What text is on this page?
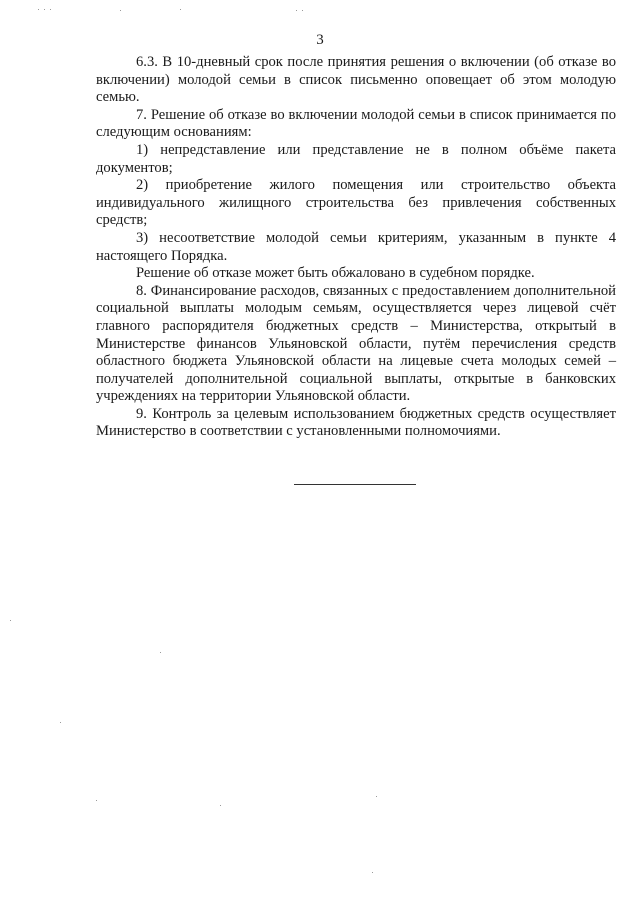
3

6.3. В 10-дневный срок после принятия решения о включении (об отказе во включении) молодой семьи в список письменно оповещает об этом молодую семью.

7. Решение об отказе во включении молодой семьи в список принимается по следующим основаниям:

1) непредставление или представление не в полном объёме пакета документов;

2) приобретение жилого помещения или строительство объекта индивидуального жилищного строительства без привлечения собственных средств;

3) несоответствие молодой семьи критериям, указанным в пункте 4 настоящего Порядка.

Решение об отказе может быть обжаловано в судебном порядке.

8. Финансирование расходов, связанных с предоставлением дополнительной социальной выплаты молодым семьям, осуществляется через лицевой счёт главного распорядителя бюджетных средств – Министерства, открытый в Министерстве финансов Ульяновской области, путём перечисления средств областного бюджета Ульяновской области на лицевые счета молодых семей – получателей дополнительной социальной выплаты, открытые в банковских учреждениях на территории Ульяновской области.

9. Контроль за целевым использованием бюджетных средств осуществляет Министерство в соответствии с установленными полномочиями.
